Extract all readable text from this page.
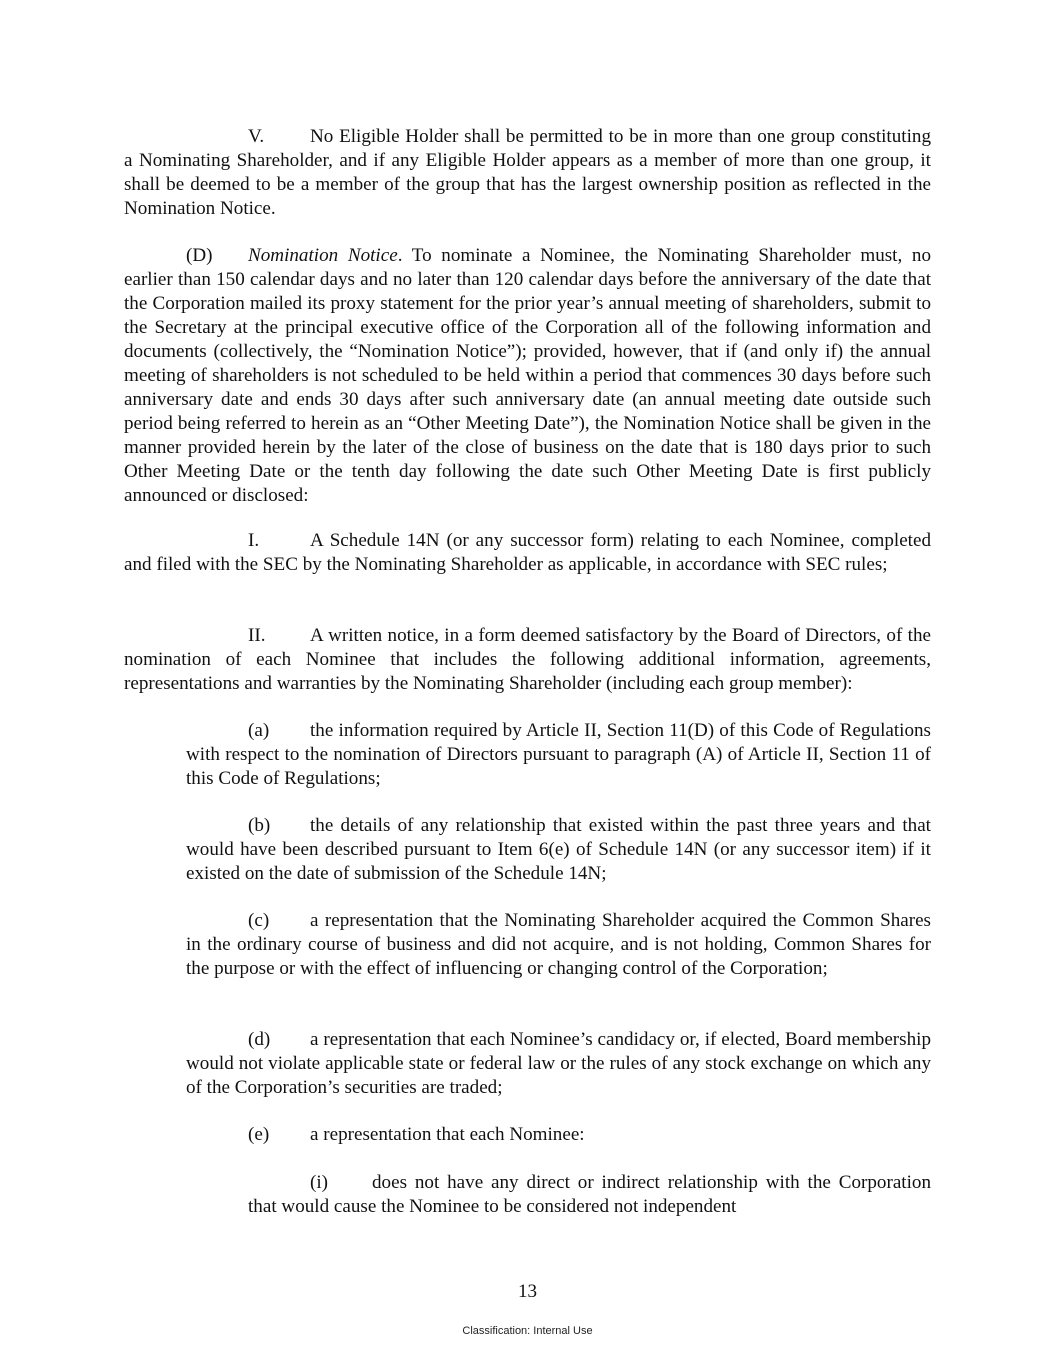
V. No Eligible Holder shall be permitted to be in more than one group constituting a Nominating Shareholder, and if any Eligible Holder appears as a member of more than one group, it shall be deemed to be a member of the group that has the largest ownership position as reflected in the Nomination Notice.

(D) Nomination Notice. To nominate a Nominee, the Nominating Shareholder must, no earlier than 150 calendar days and no later than 120 calendar days before the anniversary of the date that the Corporation mailed its proxy statement for the prior year’s annual meeting of shareholders, submit to the Secretary at the principal executive office of the Corporation all of the following information and documents (collectively, the “Nomination Notice”); provided, however, that if (and only if) the annual meeting of shareholders is not scheduled to be held within a period that commences 30 days before such anniversary date and ends 30 days after such anniversary date (an annual meeting date outside such period being referred to herein as an “Other Meeting Date”), the Nomination Notice shall be given in the manner provided herein by the later of the close of business on the date that is 180 days prior to such Other Meeting Date or the tenth day following the date such Other Meeting Date is first publicly announced or disclosed:

I.	A Schedule 14N (or any successor form) relating to each Nominee, completed and filed with the SEC by the Nominating Shareholder as applicable, in accordance with SEC rules;

II. A written notice, in a form deemed satisfactory by the Board of Directors, of the nomination of each Nominee that includes the following additional information, agreements, representations and warranties by the Nominating Shareholder (including each group member):

(a) the information required by Article II, Section 11(D) of this Code of Regulations with respect to the nomination of Directors pursuant to paragraph (A) of Article II, Section 11 of this Code of Regulations;

(b) the details of any relationship that existed within the past three years and that would have been described pursuant to Item 6(e) of Schedule 14N (or any successor item) if it existed on the date of submission of the Schedule 14N;

(c) a representation that the Nominating Shareholder acquired the Common Shares in the ordinary course of business and did not acquire, and is not holding, Common Shares for the purpose or with the effect of influencing or changing control of the Corporation;

(d) a representation that each Nominee’s candidacy or, if elected, Board membership would not violate applicable state or federal law or the rules of any stock exchange on which any of the Corporation’s securities are traded;

(e) a representation that each Nominee:

(i) does not have any direct or indirect relationship with the Corporation that would cause the Nominee to be considered not independent

13
Classification: Internal Use
